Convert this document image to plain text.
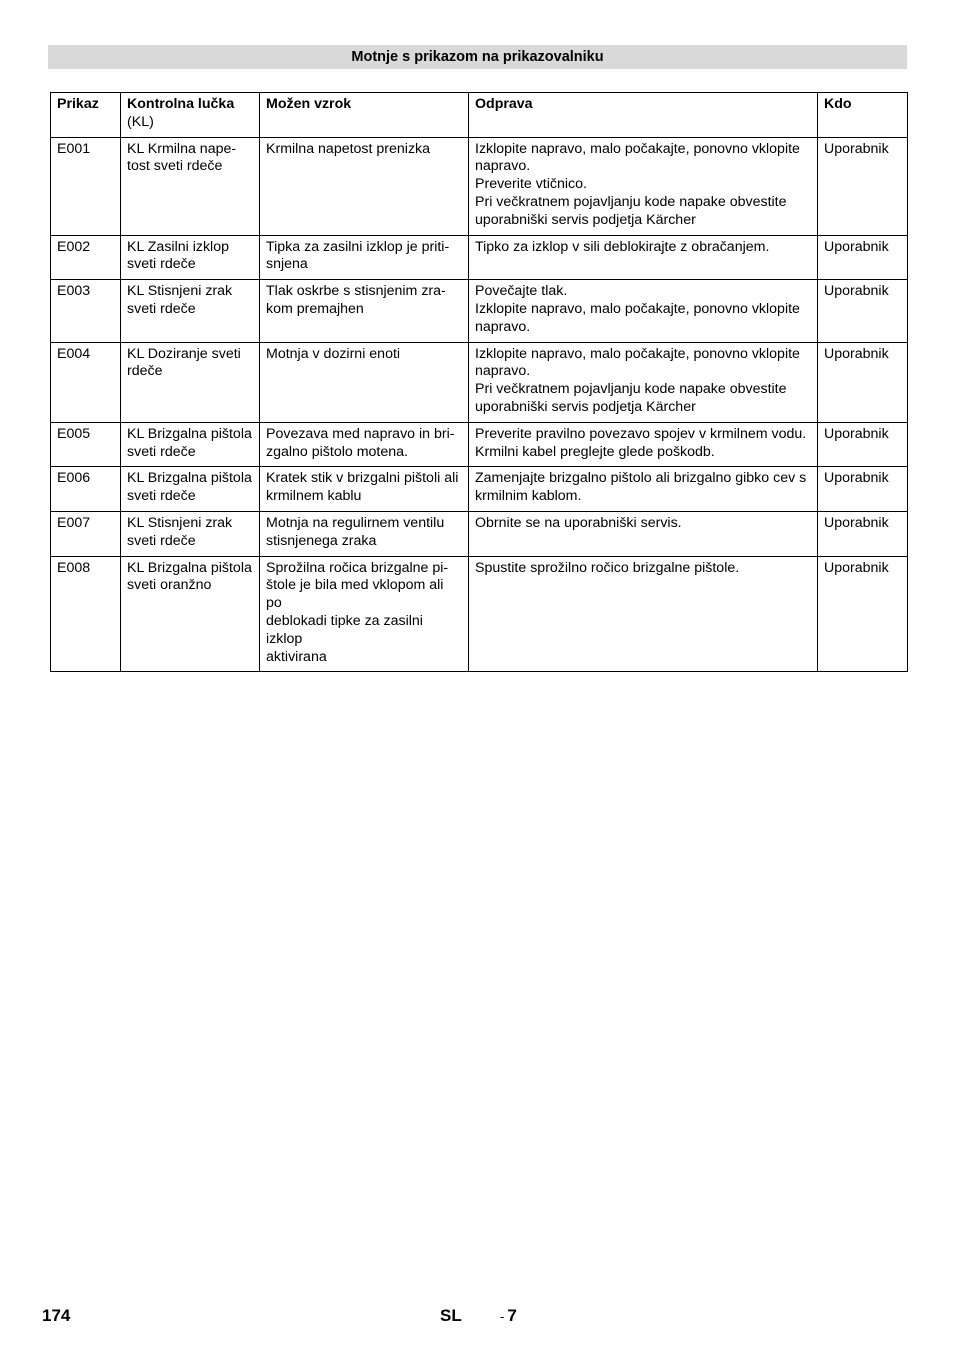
Motnje s prikazom na prikazovalniku
Prikaz	Kontrolna lučka
(KL)	Možen vzrok	Odprava	Kdo
E001	KL Krmilna nape-
tost sveti rdeče	Krmilna napetost prenizka	Izklopite napravo, malo počakajte, ponovno vklopite
napravo.
Preverite vtičnico.
Pri večkratnem pojavljanju kode napake obvestite
uporabniški servis podjetja Kärcher	Uporabnik
E002	KL Zasilni izklop
sveti rdeče	Tipka za zasilni izklop je priti-
snjena	Tipko za izklop v sili deblokirajte z obračanjem.	Uporabnik
E003	KL Stisnjeni zrak
sveti rdeče	Tlak oskrbe s stisnjenim zra-
kom premajhen	Povečajte tlak.
Izklopite napravo, malo počakajte, ponovno vklopite
napravo.	Uporabnik
E004	KL Doziranje sveti
rdeče	Motnja v dozirni enoti	Izklopite napravo, malo počakajte, ponovno vklopite
napravo.
Pri večkratnem pojavljanju kode napake obvestite
uporabniški servis podjetja Kärcher	Uporabnik
E005	KL Brizgalna pištola
sveti rdeče	Povezava med napravo in bri-
zgalno pištolo motena.	Preverite pravilno povezavo spojev v krmilnem vodu.
Krmilni kabel preglejte glede poškodb.	Uporabnik
E006	KL Brizgalna pištola
sveti rdeče	Kratek stik v brizgalni pištoli ali
krmilnem kablu	Zamenjajte brizgalno pištolo ali brizgalno gibko cev s
krmilnim kablom.	Uporabnik
E007	KL Stisnjeni zrak
sveti rdeče	Motnja na regulirnem ventilu
stisnjenega zraka	Obrnite se na uporabniški servis.	Uporabnik
E008	KL Brizgalna pištola
sveti oranžno	Sprožilna ročica brizgalne pi-
štole je bila med vklopom ali po
deblokadi tipke za zasilni izklop
aktivirana	Spustite sprožilno ročico brizgalne pištole.	Uporabnik
174	SL	- 7
